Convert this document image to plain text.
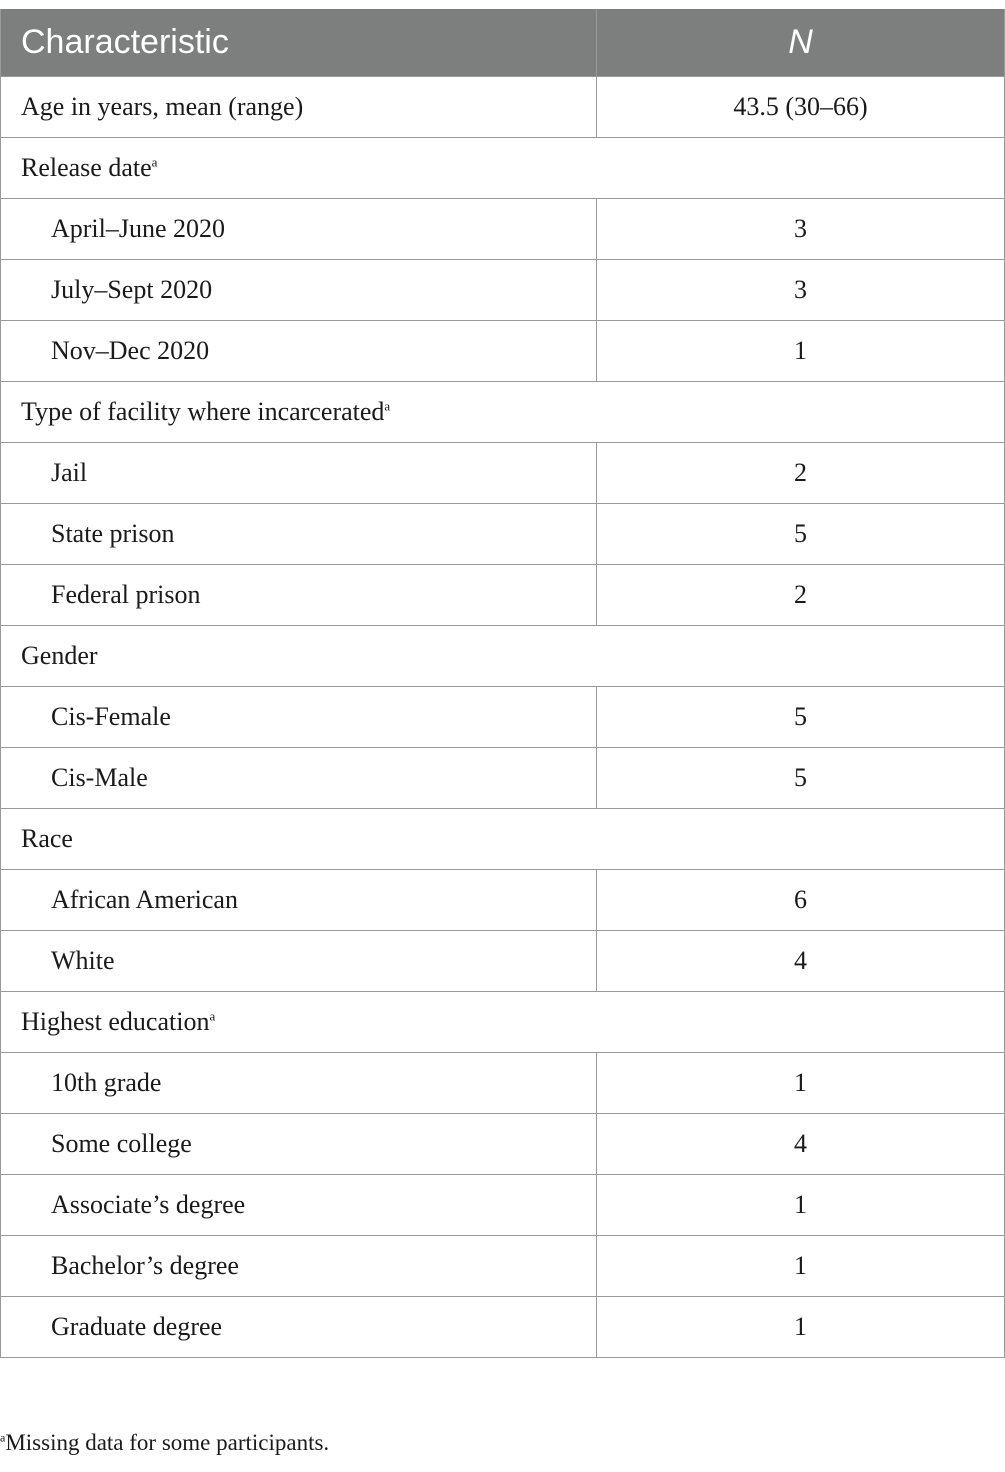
Characteristic	N
Age in years, mean (range)	43.5 (30–66)
Release date$^a$
April–June 2020	3
July–Sept 2020	3
Nov–Dec 2020	1
Type of facility where incarcerated$^a$
Jail	2
State prison	5
Federal prison	2
Gender	
Cis-Female	5
Cis-Male	5
Race	
African American	6
White	4
Highest education$^a$
10th grade	1
Some college	4
Associate’s degree	1
Bachelor’s degree	1
Graduate degree	1
$^a$Missing data for some participants.
